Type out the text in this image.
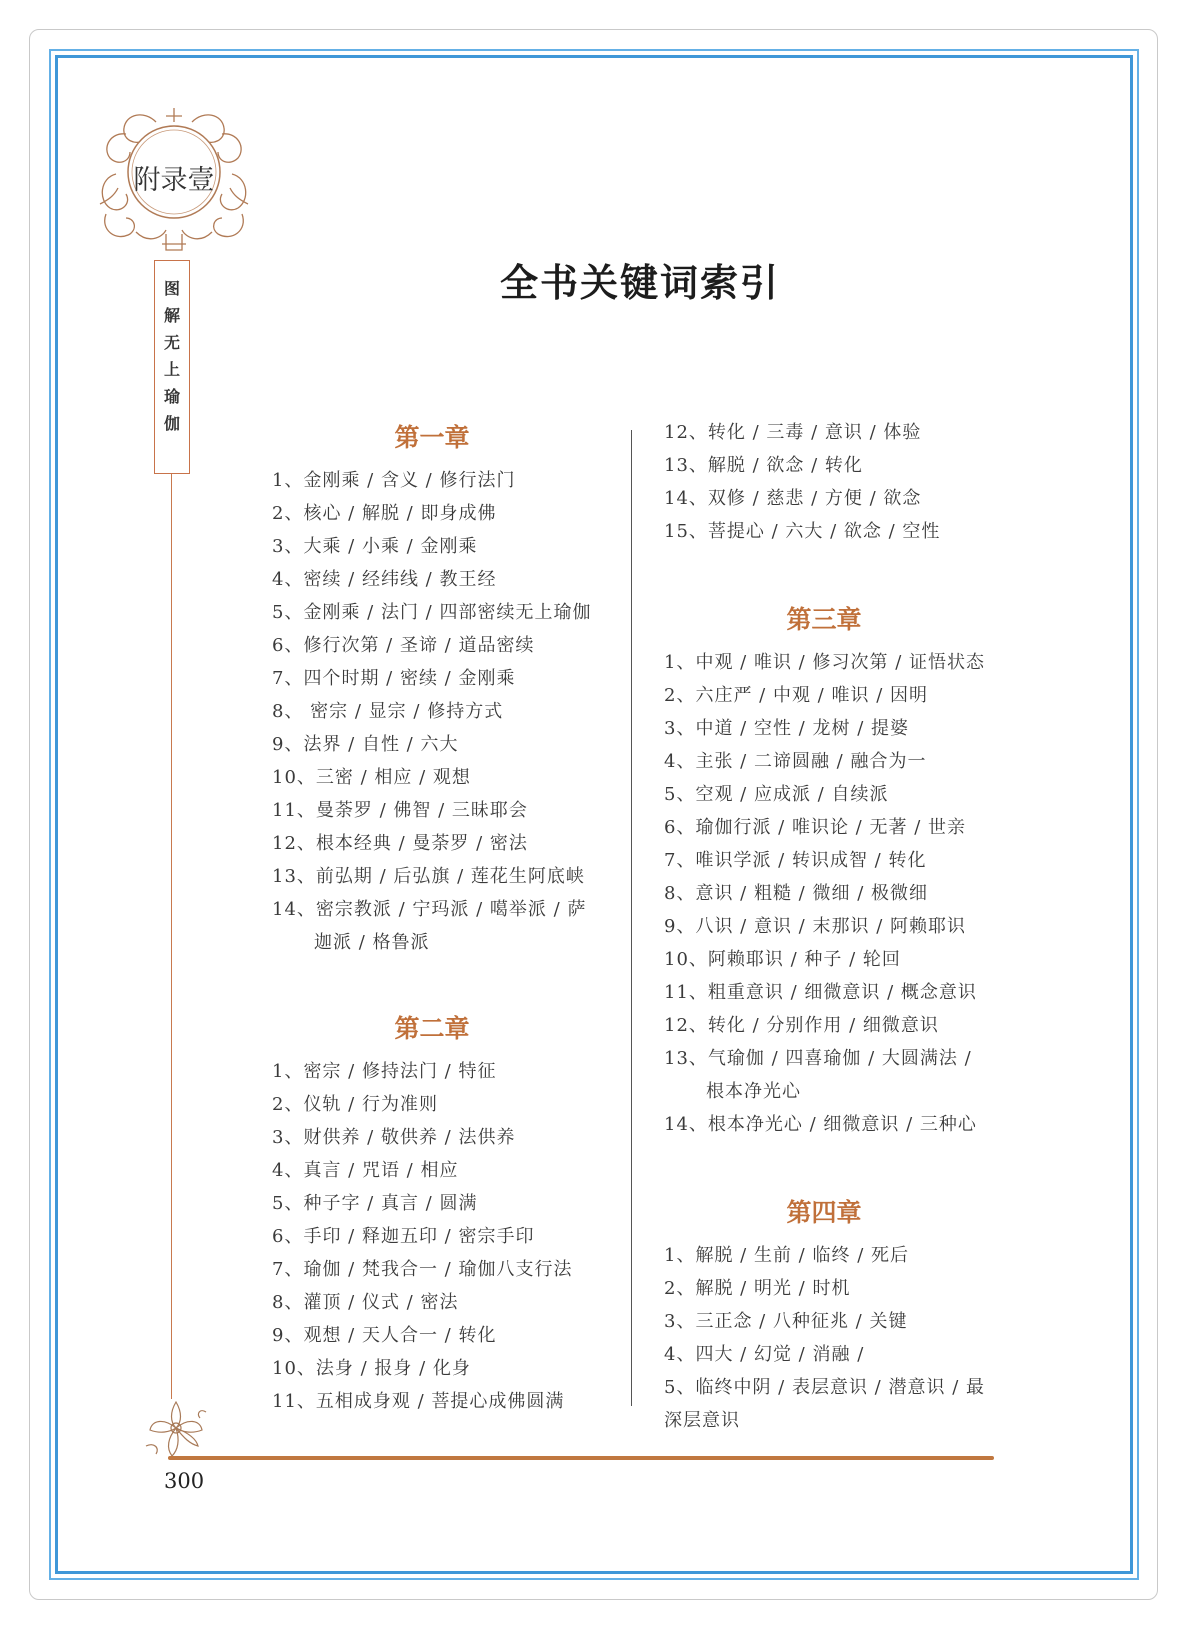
附录壹
图
解
无
上
瑜
伽
全书关键词索引
第一章
1、金刚乘 / 含义 / 修行法门
2、核心 / 解脱 / 即身成佛
3、大乘 / 小乘 / 金刚乘
4、密续 / 经纬线 / 教王经
5、金刚乘 / 法门 / 四部密续无上瑜伽
6、修行次第 / 圣谛 / 道品密续
7、四个时期 / 密续 / 金刚乘
8、 密宗 / 显宗 / 修持方式
9、法界 / 自性 / 六大
10、三密 / 相应 / 观想
11、曼荼罗 / 佛智 / 三昧耶会
12、根本经典 / 曼荼罗 / 密法
13、前弘期 / 后弘旗 / 莲花生阿底峡
14、密宗教派 / 宁玛派 / 噶举派 / 萨
迦派 / 格鲁派
第二章
1、密宗 / 修持法门 / 特征
2、仪轨 / 行为准则
3、财供养 / 敬供养 / 法供养
4、真言 / 咒语 / 相应
5、种子字 / 真言 / 圆满
6、手印 / 释迦五印 / 密宗手印
7、瑜伽 / 梵我合一 / 瑜伽八支行法
8、灌顶 / 仪式 / 密法
9、观想 / 天人合一 / 转化
10、法身 / 报身 / 化身
11、五相成身观 / 菩提心成佛圆满
12、转化 / 三毒 / 意识 / 体验
13、解脱 / 欲念 / 转化
14、双修 / 慈悲 / 方便 / 欲念
15、菩提心 / 六大 / 欲念 / 空性
第三章
1、中观 / 唯识 / 修习次第 / 证悟状态
2、六庄严 / 中观 / 唯识 / 因明
3、中道 / 空性 / 龙树 / 提婆
4、主张 / 二谛圆融 / 融合为一
5、空观 / 应成派 / 自续派
6、瑜伽行派 / 唯识论 / 无著 / 世亲
7、唯识学派 / 转识成智 / 转化
8、意识 / 粗糙 / 微细 / 极微细
9、八识 / 意识 / 末那识 / 阿赖耶识
10、阿赖耶识 / 种子 / 轮回
11、粗重意识 / 细微意识 / 概念意识
12、转化 / 分别作用 / 细微意识
13、气瑜伽 / 四喜瑜伽 / 大圆满法 /
根本净光心
14、根本净光心 / 细微意识 / 三种心
第四章
1、解脱 / 生前 / 临终 / 死后
2、解脱 / 明光 / 时机
3、三正念 / 八种征兆 / 关键
4、四大 / 幻觉 / 消融 /
5、临终中阴 / 表层意识 / 潜意识 / 最
深层意识
300
